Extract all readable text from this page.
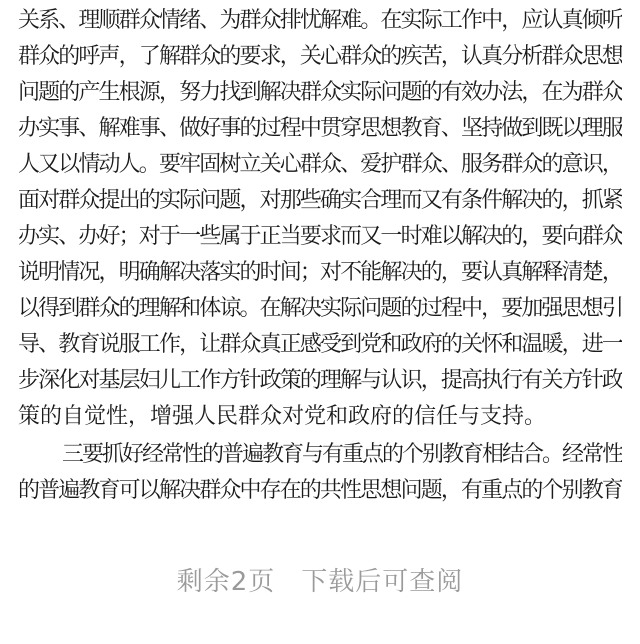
关系、理顺群众情绪、为群众排忧解难。在实际工作中，应认真倾听
群众的呼声，了解群众的要求，关心群众的疾苦，认真分析群众思想
问题的产生根源，努力找到解决群众实际问题的有效办法，在为群众
办实事、解难事、做好事的过程中贯穿思想教育、坚持做到既以理服
人又以情动人。要牢固树立关心群众、爱护群众、服务群众的意识，
面对群众提出的实际问题，对那些确实合理而又有条件解决的，抓紧
办实、办好；对于一些属于正当要求而又一时难以解决的，要向群众
说明情况，明确解决落实的时间；对不能解决的，要认真解释清楚，
以得到群众的理解和体谅。在解决实际问题的过程中，要加强思想引
导、教育说服工作，让群众真正感受到党和政府的关怀和温暖，进一
步深化对基层妇儿工作方针政策的理解与认识，提高执行有关方针政
策的自觉性，增强人民群众对党和政府的信任与支持。
三要抓好经常性的普遍教育与有重点的个别教育相结合。经常性
的普遍教育可以解决群众中存在的共性思想问题，有重点的个别教育
剩余2页 下载后可查阅
